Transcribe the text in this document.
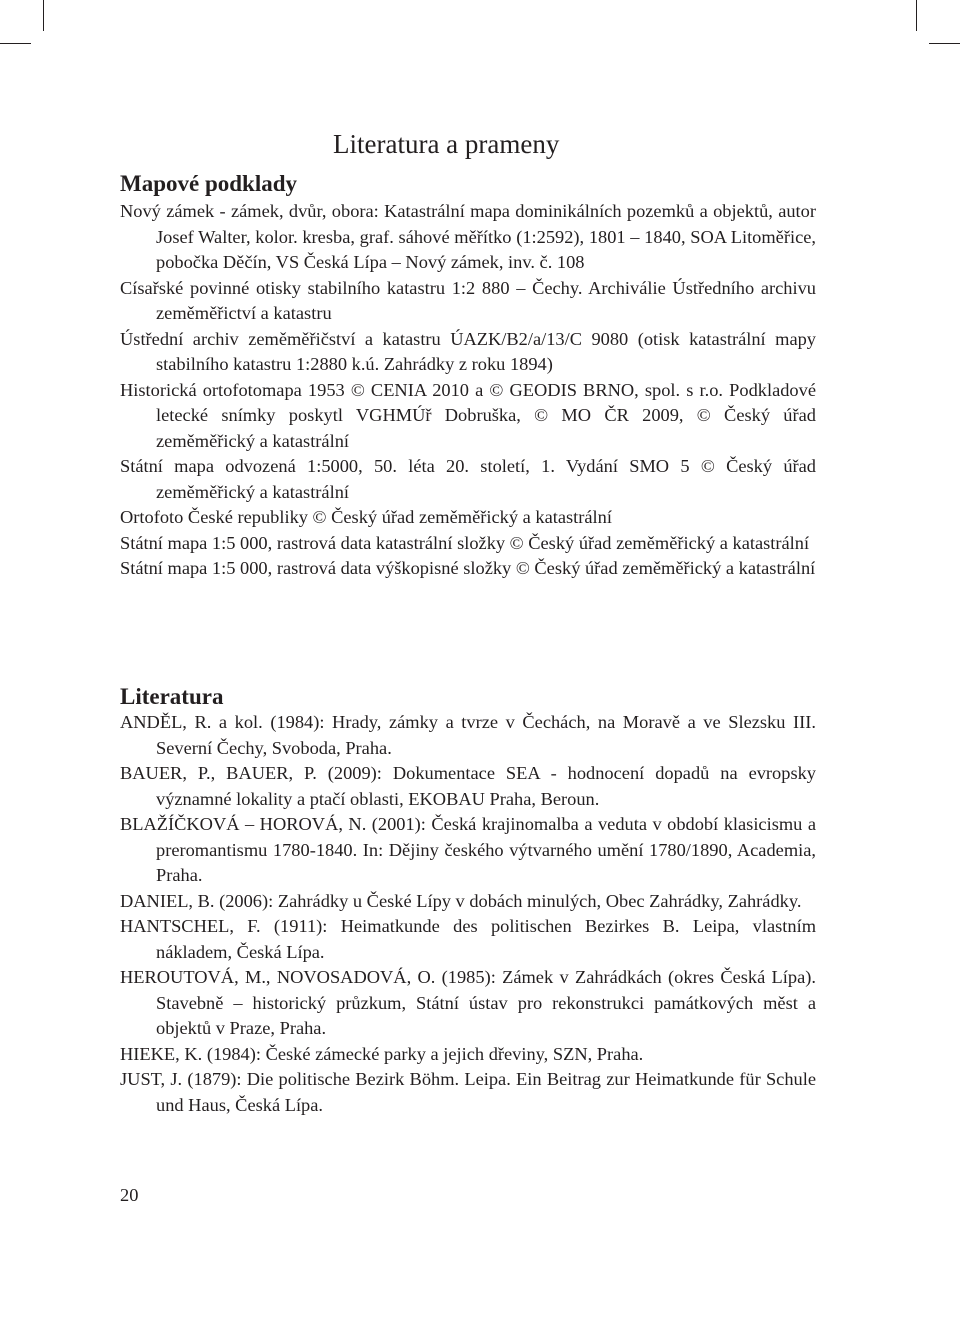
Literatura a prameny
Mapové podklady
Nový zámek - zámek, dvůr, obora: Katastrální mapa dominikálních pozemků a objektů, autor Josef Walter, kolor. kresba, graf. sáhové měřítko (1:2592), 1801 – 1840, SOA Litoměřice, pobočka Děčín, VS Česká Lípa – Nový zámek, inv. č. 108
Císařské povinné otisky stabilního katastru 1:2 880 – Čechy. Archiválie Ústředního archivu zeměměřictví a katastru
Ústřední archiv zeměměřičství a katastru ÚAZK/B2/a/13/C 9080 (otisk katastrální mapy stabilního katastru 1:2880 k.ú. Zahrádky z roku 1894)
Historická ortofotomapa 1953 © CENIA 2010 a © GEODIS BRNO, spol. s r.o. Podkladové letecké snímky poskytl VGHMÚř Dobruška, © MO ČR 2009, © Český úřad zeměměřický a katastrální
Státní mapa odvozená 1:5000, 50. léta 20. století, 1. Vydání SMO 5 © Český úřad zeměměřický a katastrální
Ortofoto České republiky © Český úřad zeměměřický a katastrální
Státní mapa 1:5 000, rastrová data katastrální složky © Český úřad zeměměřický a katastrální
Státní mapa 1:5 000, rastrová data výškopisné složky © Český úřad zeměměřický a katastrální
Literatura
ANDĚL, R. a kol. (1984): Hrady, zámky a tvrze v Čechách, na Moravě a ve Slezsku III. Severní Čechy, Svoboda, Praha.
BAUER, P., BAUER, P. (2009): Dokumentace SEA - hodnocení dopadů na evropsky významné lokality a ptačí oblasti, EKOBAU Praha, Beroun.
BLAŽÍČKOVÁ – HOROVÁ, N. (2001): Česká krajinomalba a veduta v období klasicismu a preromantismu 1780-1840. In: Dějiny českého výtvarného umění 1780/1890, Academia, Praha.
DANIEL, B. (2006): Zahrádky u České Lípy v dobách minulých, Obec Zahrádky, Zahrádky.
HANTSCHEL, F. (1911): Heimatkunde des politischen Bezirkes B. Leipa, vlastním nákladem, Česká Lípa.
HEROUTOVÁ, M., NOVOSADOVÁ, O. (1985): Zámek v Zahrádkách (okres Česká Lípa). Stavebně – historický průzkum, Státní ústav pro rekonstrukci památkových měst a objektů v Praze, Praha.
HIEKE, K. (1984): České zámecké parky a jejich dřeviny, SZN, Praha.
JUST, J. (1879): Die politische Bezirk Böhm. Leipa. Ein Beitrag zur Heimatkunde für Schule und Haus, Česká Lípa.
20
